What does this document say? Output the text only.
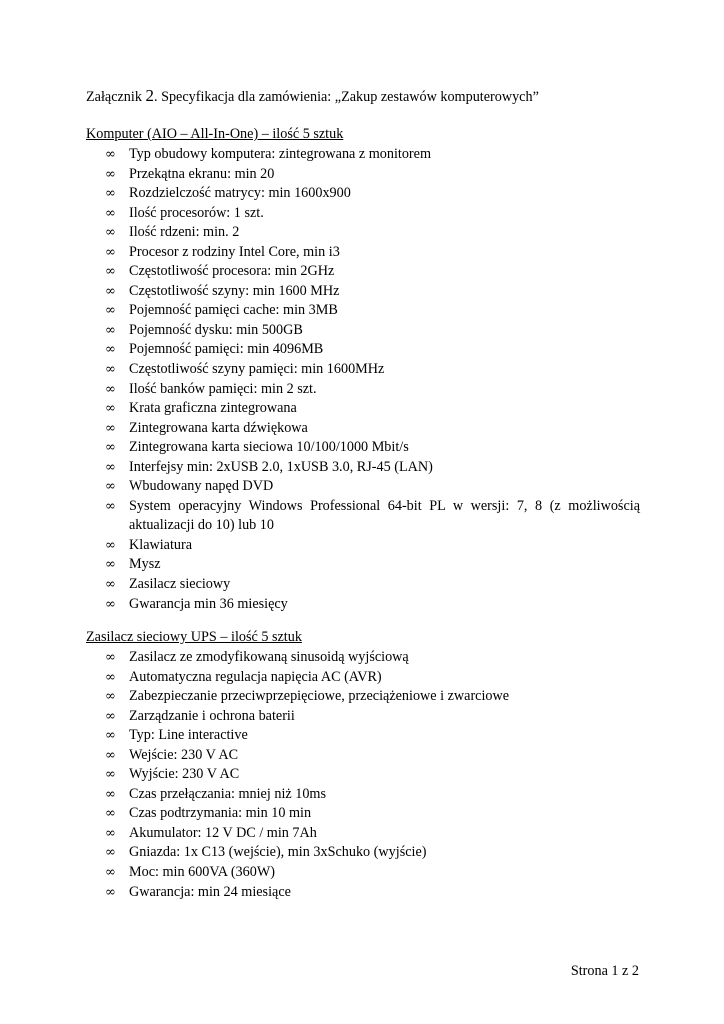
Załącznik 2. Specyfikacja dla zamówienia: „Zakup zestawów komputerowych”
Komputer (AIO – All-In-One) – ilość 5 sztuk
∞ Typ obudowy komputera: zintegrowana z monitorem
∞ Przekątna ekranu: min 20
∞ Rozdzielczość matrycy: min 1600x900
∞ Ilość procesorów: 1 szt.
∞ Ilość rdzeni: min. 2
∞ Procesor z rodziny Intel Core, min i3
∞ Częstotliwość procesora: min 2GHz
∞ Częstotliwość szyny: min 1600 MHz
∞ Pojemność pamięci cache: min 3MB
∞ Pojemność dysku: min 500GB
∞ Pojemność pamięci: min 4096MB
∞ Częstotliwość szyny pamięci: min 1600MHz
∞ Ilość banków pamięci: min 2 szt.
∞ Krata graficzna zintegrowana
∞ Zintegrowana karta dźwiękowa
∞ Zintegrowana karta sieciowa 10/100/1000 Mbit/s
∞ Interfejsy min: 2xUSB 2.0, 1xUSB 3.0, RJ-45 (LAN)
∞ Wbudowany napęd DVD
∞ System operacyjny Windows Professional 64-bit PL w wersji: 7, 8 (z możliwością aktualizacji do 10) lub 10
∞ Klawiatura
∞ Mysz
∞ Zasilacz sieciowy
∞ Gwarancja min 36 miesięcy
Zasilacz sieciowy UPS – ilość 5 sztuk
∞ Zasilacz ze zmodyfikowaną sinusoidą wyjściową
∞ Automatyczna regulacja napięcia AC (AVR)
∞ Zabezpieczanie przeciwprzepięciowe, przeciążeniowe i zwarciowe
∞ Zarządzanie i ochrona baterii
∞ Typ: Line interactive
∞ Wejście: 230 V AC
∞ Wyjście: 230 V AC
∞ Czas przełączania: mniej niż 10ms
∞ Czas podtrzymania: min 10 min
∞ Akumulator: 12 V DC / min 7Ah
∞ Gniazda: 1x C13 (wejście), min 3xSchuko (wyjście)
∞ Moc: min 600VA (360W)
∞ Gwarancja: min 24 miesiące
Strona 1 z 2
